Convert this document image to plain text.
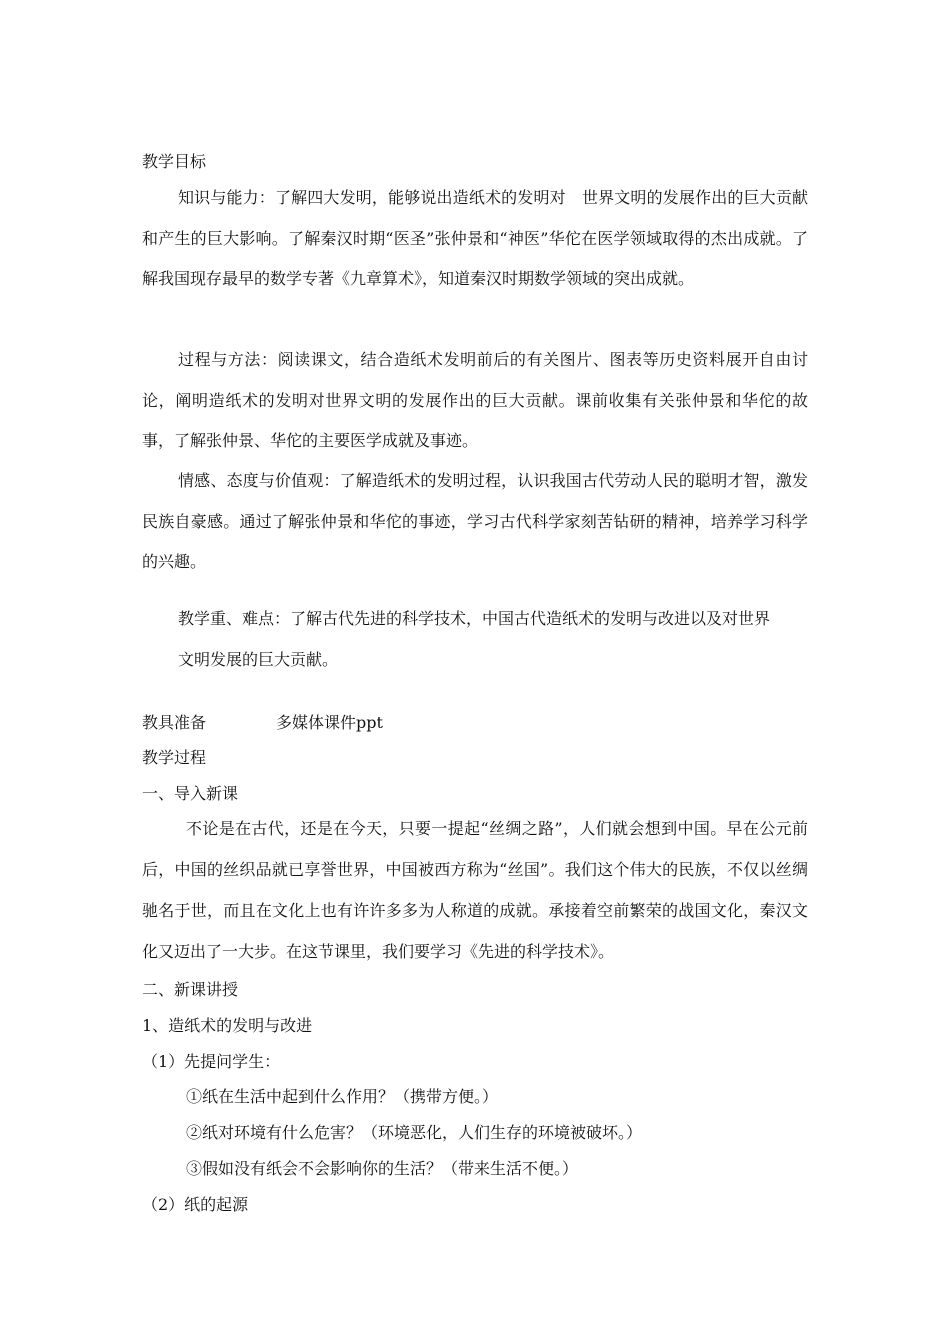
教学目标
知识与能力：了解四大发明，能够说出造纸术的发明对　世界文明的发展作出的巨大贡献和产生的巨大影响。了解秦汉时期“医圣”张仲景和“神医”华佗在医学领域取得的杰出成就。了解我国现存最早的数学专著《九章算术》，知道秦汉时期数学领域的突出成就。
过程与方法：阅读课文，结合造纸术发明前后的有关图片、图表等历史资料展开自由讨论，阐明造纸术的发明对世界文明的发展作出的巨大贡献。课前收集有关张仲景和华佗的故事，了解张仲景、华佗的主要医学成就及事迹。
情感、态度与价值观：了解造纸术的发明过程，认识我国古代劳动人民的聪明才智，激发民族自豪感。通过了解张仲景和华佗的事迹，学习古代科学家刻苦钻研的精神，培养学习科学的兴趣。
教学重、难点：了解古代先进的科学技术，中国古代造纸术的发明与改进以及对世界
文明发展的巨大贡献。
教具准备	多媒体课件ppt
教学过程
一、导入新课
不论是在古代，还是在今天，只要一提起“丝绸之路”，人们就会想到中国。早在公元前后，中国的丝织品就已享誉世界，中国被西方称为“丝国”。我们这个伟大的民族，不仅以丝绸驰名于世，而且在文化上也有许许多多为人称道的成就。承接着空前繁荣的战国文化，秦汉文化又迈出了一大步。在这节课里，我们要学习《先进的科学技术》。
二、新课讲授
1、造纸术的发明与改进
（1）先提问学生：
①纸在生活中起到什么作用？（携带方便。）
②纸对环境有什么危害？（环境恶化，人们生存的环境被破坏。）
③假如没有纸会不会影响你的生活？（带来生活不便。）
（2）纸的起源
